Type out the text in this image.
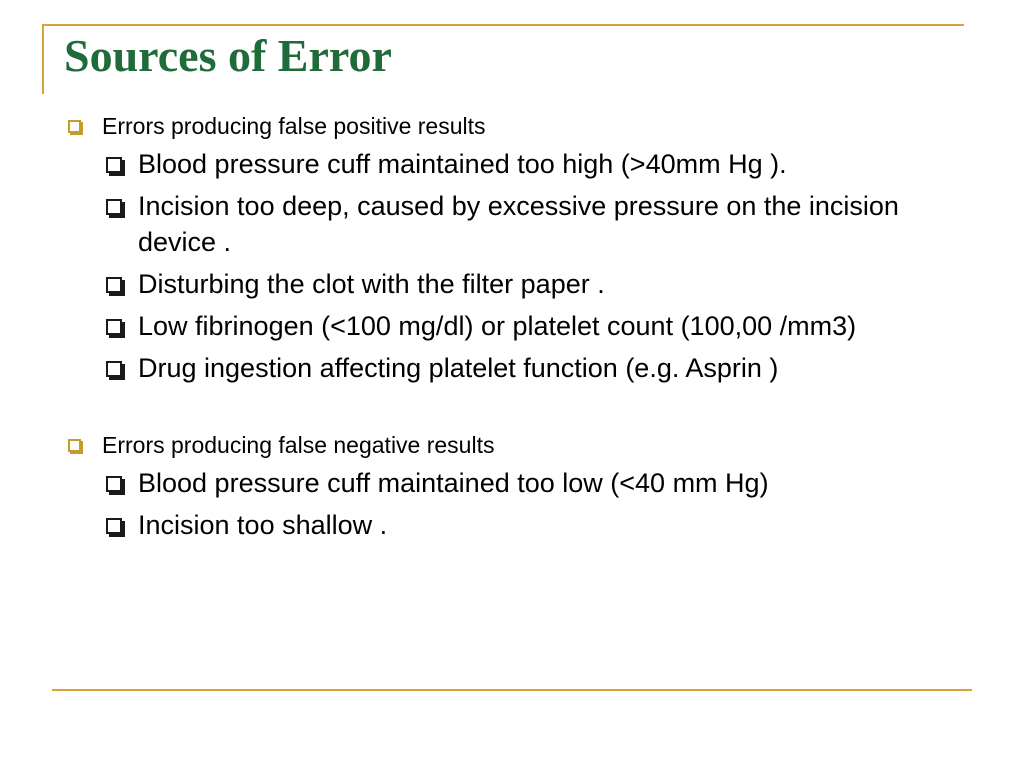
Sources of Error

Errors producing false positive results

Blood pressure cuff maintained too high (>40mm Hg ).

Incision too deep, caused by excessive pressure on the incision device .

Disturbing the clot with the filter paper .

Low fibrinogen (<100 mg/dl) or platelet count (100,00 /mm3)

Drug ingestion affecting platelet function (e.g. Asprin )

Errors producing false negative results

Blood pressure cuff maintained too low (<40 mm Hg)

Incision too shallow .
